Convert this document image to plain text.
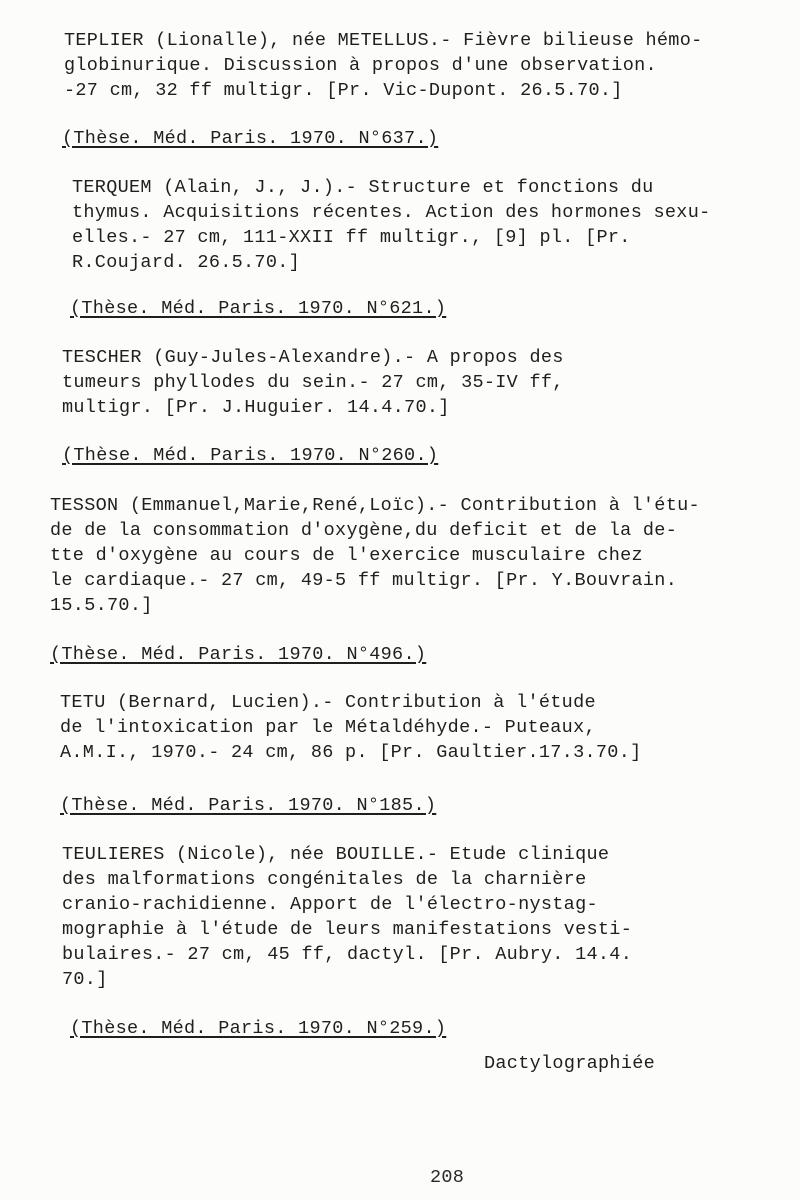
TEPLIER (Lionalle), née METELLUS.- Fièvre bilieuse hémo-
globinurique. Discussion à propos d'une observation.
-27 cm, 32 ff multigr. [Pr. Vic-Dupont. 26.5.70.]

(Thèse. Méd. Paris. 1970. N°637.)

TERQUEM (Alain, J., J.).- Structure et fonctions du
thymus. Acquisitions récentes. Action des hormones sexu-
elles.- 27 cm, 111-XXII ff multigr., [9] pl. [Pr.
R.Coujard. 26.5.70.]

(Thèse. Méd. Paris. 1970. N°621.)

TESCHER (Guy-Jules-Alexandre).- A propos des
tumeurs phyllodes du sein.- 27 cm, 35-IV ff,
multigr. [Pr. J.Huguier. 14.4.70.]

(Thèse. Méd. Paris. 1970. N°260.)

TESSON (Emmanuel,Marie,René,Loïc).- Contribution à l'étu-
de de la consommation d'oxygène,du deficit et de la de-
tte d'oxygène au cours de l'exercice musculaire chez
le cardiaque.- 27 cm, 49-5 ff multigr. [Pr. Y.Bouvrain.
15.5.70.]

(Thèse. Méd. Paris. 1970. N°496.)

TETU (Bernard, Lucien).- Contribution à l'étude
de l'intoxication par le Métaldéhyde.- Puteaux,
A.M.I., 1970.- 24 cm, 86 p. [Pr. Gaultier.17.3.70.]

(Thèse. Méd. Paris. 1970. N°185.)

TEULIERES (Nicole), née BOUILLE.- Etude clinique
des malformations congénitales de la charnière
cranio-rachidienne. Apport de l'électro-nystag-
mographie à l'étude de leurs manifestations vesti-
bulaires.- 27 cm, 45 ff, dactyl. [Pr. Aubry. 14.4.
70.]

(Thèse. Méd. Paris. 1970. N°259.)

Dactylographiée

208
